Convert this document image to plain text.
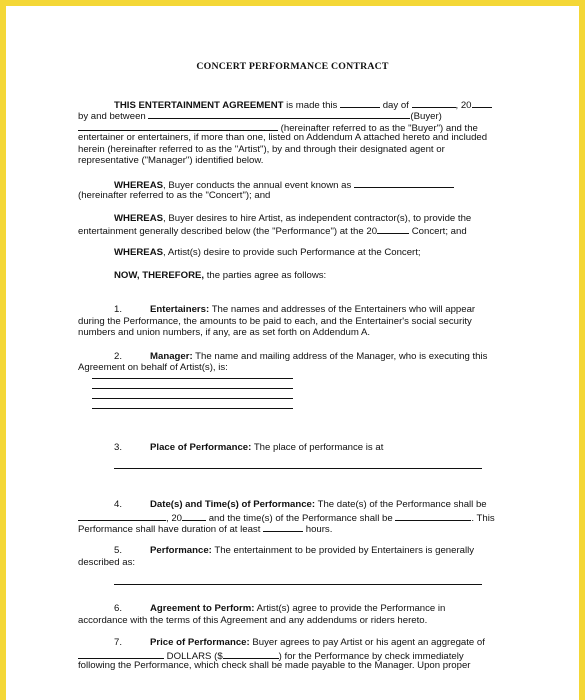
CONCERT PERFORMANCE CONTRACT
THIS ENTERTAINMENT AGREEMENT is made this	day of	, 20
by and between	(Buyer)
(hereinafter referred to as the "Buyer") and the
entertainer or entertainers, if more than one, listed on Addendum A attached hereto and included
herein (hereinafter referred to as the "Artist"), by and through their designated agent or
representative ("Manager") identified below.
WHEREAS, Buyer conducts the annual event known as
(hereinafter referred to as the "Concert"); and
WHEREAS, Buyer desires to hire Artist, as independent contractor(s), to provide the
entertainment generally described below (the "Performance") at the 20	Concert; and
WHEREAS, Artist(s) desire to provide such Performance at the Concert;
NOW, THEREFORE, the parties agree as follows:
1.	Entertainers: The names and addresses of the Entertainers who will appear
during the Performance, the amounts to be paid to each, and the Entertainer's social security
numbers and union numbers, if any, are as set forth on Addendum A.
2.	Manager: The name and mailing address of the Manager, who is executing this
Agreement on behalf of Artist(s), is:
3.	Place of Performance: The place of performance is at
4.	Date(s) and Time(s) of Performance: The date(s) of the Performance shall be
, 20	and the time(s) of the Performance shall be	. This
Performance shall have duration of at least	hours.
5.	Performance: The entertainment to be provided by Entertainers is generally
described as:
6.	Agreement to Perform: Artist(s) agree to provide the Performance in
accordance with the terms of this Agreement and any addendums or riders hereto.
7.	Price of Performance: Buyer agrees to pay Artist or his agent an aggregate of
DOLLARS ($	) for the Performance by check immediately
following the Performance, which check shall be made payable to the Manager. Upon proper
